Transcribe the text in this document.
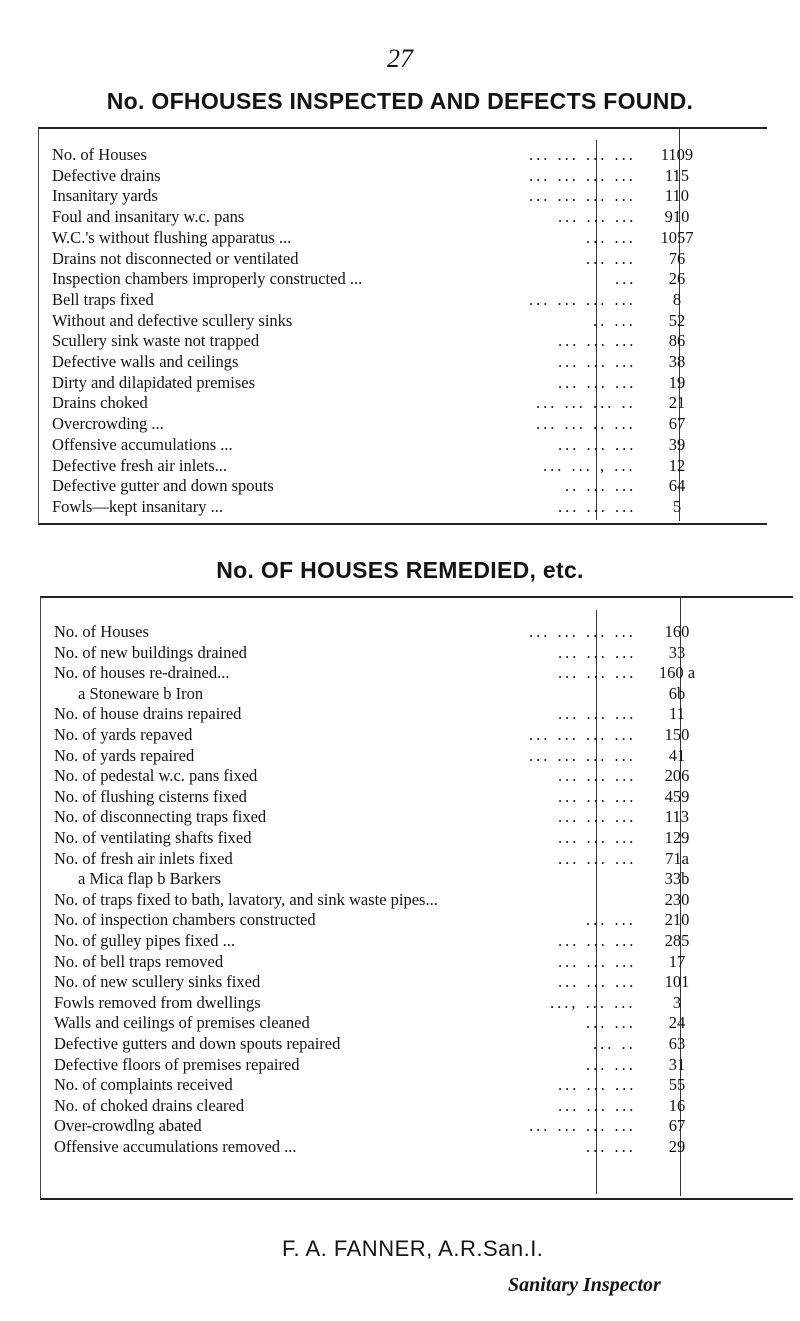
27
No. OFHOUSES INSPECTED AND DEFECTS FOUND.
No. of Houses	... ... ... ...	1109
Defective drains	... ... ... ...	115
Insanitary yards	... ... ... ...	110
Foul and insanitary w.c. pans	... ... ...	910
W.C.'s without flushing apparatus ...	... ...	1057
Drains not disconnected or ventilated	... ...	76
Inspection chambers improperly constructed ...	...	26
Bell traps fixed	... ... ... ...	8
Without and defective scullery sinks	.. ...	52
Scullery sink waste not trapped	... ... ...	86
Defective walls and ceilings	... ... ...	38
Dirty and dilapidated premises	... ... ...	19
Drains choked	... ... ... ..	21
Overcrowding ...	... ... .. ...	67
Offensive accumulations ...	... ... ...	39
Defective fresh air inlets...	... ... , ...	12
Defective gutter and down spouts	.. ... ...	64
Fowls—kept insanitary ...	... ... ...	5
No. OF HOUSES REMEDIED, etc.
No. of Houses	... ... ... ...	160
No. of new buildings drained	... ... ...	33
No. of houses re-drained...	... ... ...	160 a
a Stoneware b Iron	6b
No. of house drains repaired	... ... ...	11
No. of yards repaved	... ... ... ...	150
No. of yards repaired	... ... ... ...	41
No. of pedestal w.c. pans fixed	... ... ...	206
No. of flushing cisterns fixed	... ... ...	459
No. of disconnecting traps fixed	... ... ...	113
No. of ventilating shafts fixed	... ... ...	129
No. of fresh air inlets fixed	... ... ...	71a
a Mica flap b Barkers	33b
No. of traps fixed to bath, lavatory, and sink waste pipes...	230
No. of inspection chambers constructed	... ...	210
No. of gulley pipes fixed ...	... ... ...	285
No. of bell traps removed	... ... ...	17
No. of new scullery sinks fixed	... ... ...	101
Fowls removed from dwellings	..., ... ...	3
Walls and ceilings of premises cleaned	... ...	24
Defective gutters and down spouts repaired	... ..	63
Defective floors of premises repaired	... ...	31
No. of complaints received	... ... ...	55
No. of choked drains cleared	... ... ...	16
Over-crowdlng abated	... ... ... ...	67
Offensive accumulations removed ...	... ...	29
F. A. FANNER, A.R.San.I.
Sanitary Inspector
